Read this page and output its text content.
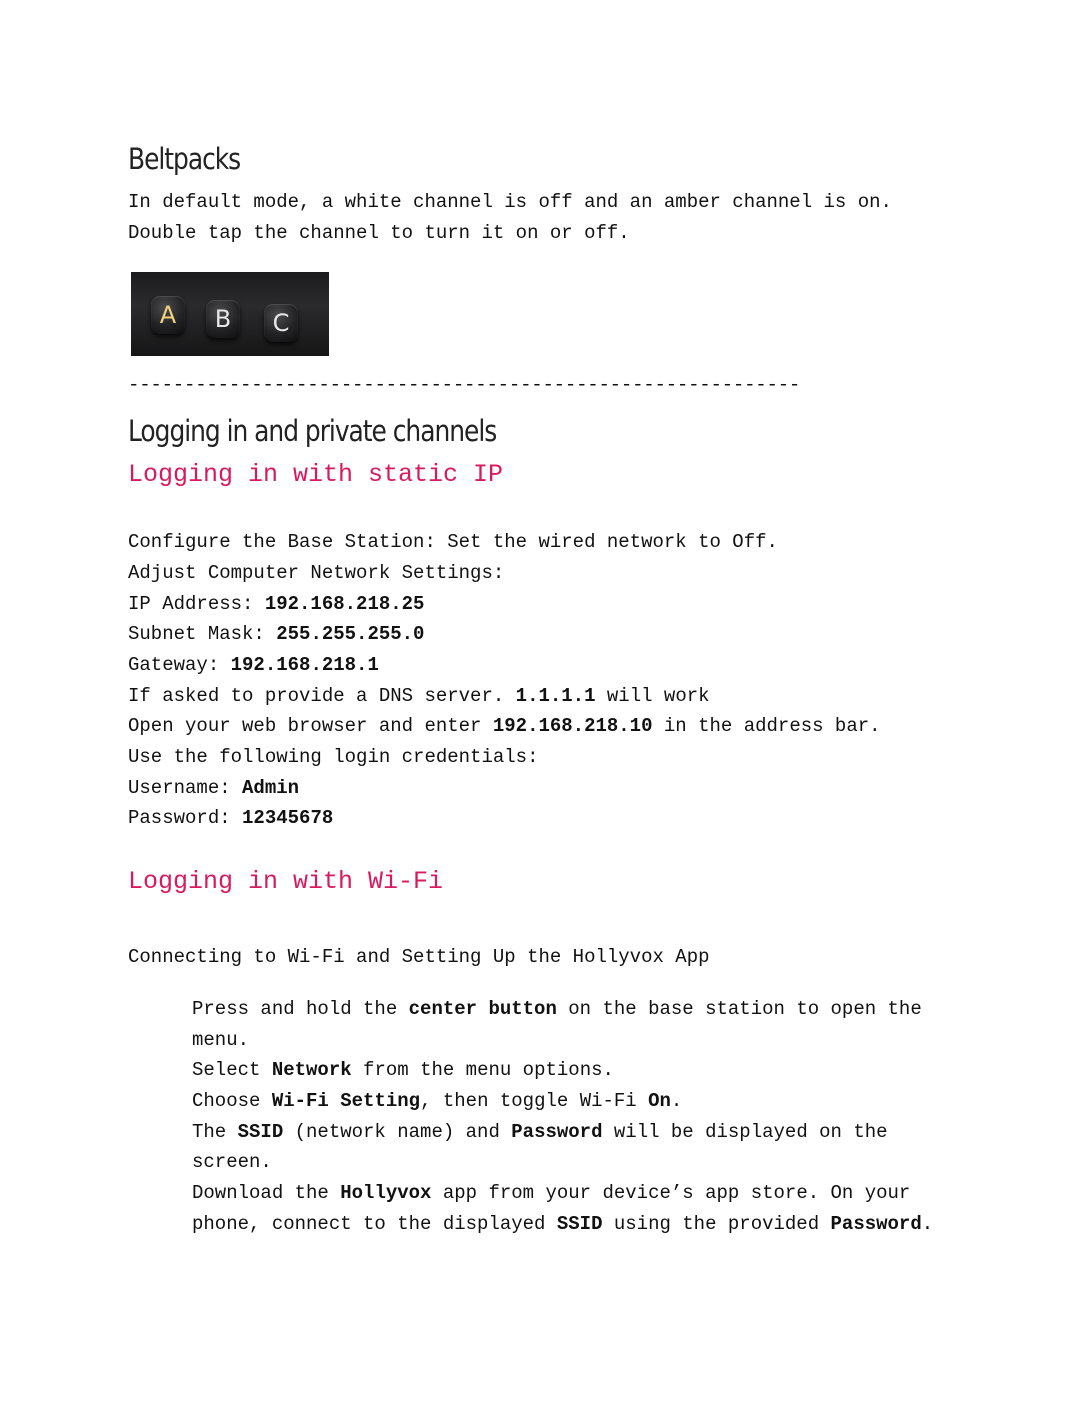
Beltpacks
In default mode, a white channel is off and an amber channel is on.
Double tap the channel to turn it on or off.
A	B	C
------------------------------------------------------------
Logging in and private channels
Logging in with static IP
Configure the Base Station: Set the wired network to Off.
Adjust Computer Network Settings:
IP Address: 192.168.218.25
Subnet Mask: 255.255.255.0
Gateway: 192.168.218.1
If asked to provide a DNS server. 1.1.1.1 will work
Open your web browser and enter 192.168.218.10 in the address bar.
Use the following login credentials:
Username: Admin
Password: 12345678
Logging in with Wi-Fi
Connecting to Wi-Fi and Setting Up the Hollyvox App
Press and hold the center button on the base station to open the
menu.
Select Network from the menu options.
Choose Wi-Fi Setting, then toggle Wi-Fi On.
The SSID (network name) and Password will be displayed on the
screen.
Download the Hollyvox app from your device’s app store. On your
phone, connect to the displayed SSID using the provided Password.
